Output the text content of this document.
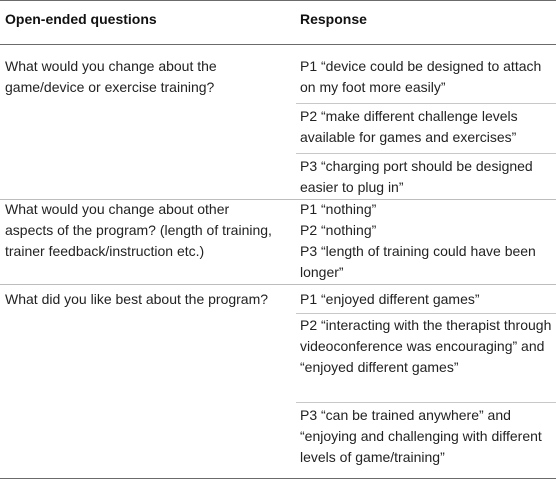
Open-ended questions	Response
What would you change about the game/device or exercise training?
P1 “device could be designed to attach on my foot more easily”
P2 “make different challenge levels available for games and exercises”
P3 “charging port should be designed easier to plug in”
What would you change about other aspects of the program? (length of training, trainer feedback/instruction etc.)
P1 “nothing”
P2 “nothing”
P3 “length of training could have been longer”
What did you like best about the program?	P1 “enjoyed different games”
P2 “interacting with the therapist through videoconference was encouraging” and “enjoyed different games”
P3 “can be trained anywhere” and “enjoying and challenging with different levels of game/training”
